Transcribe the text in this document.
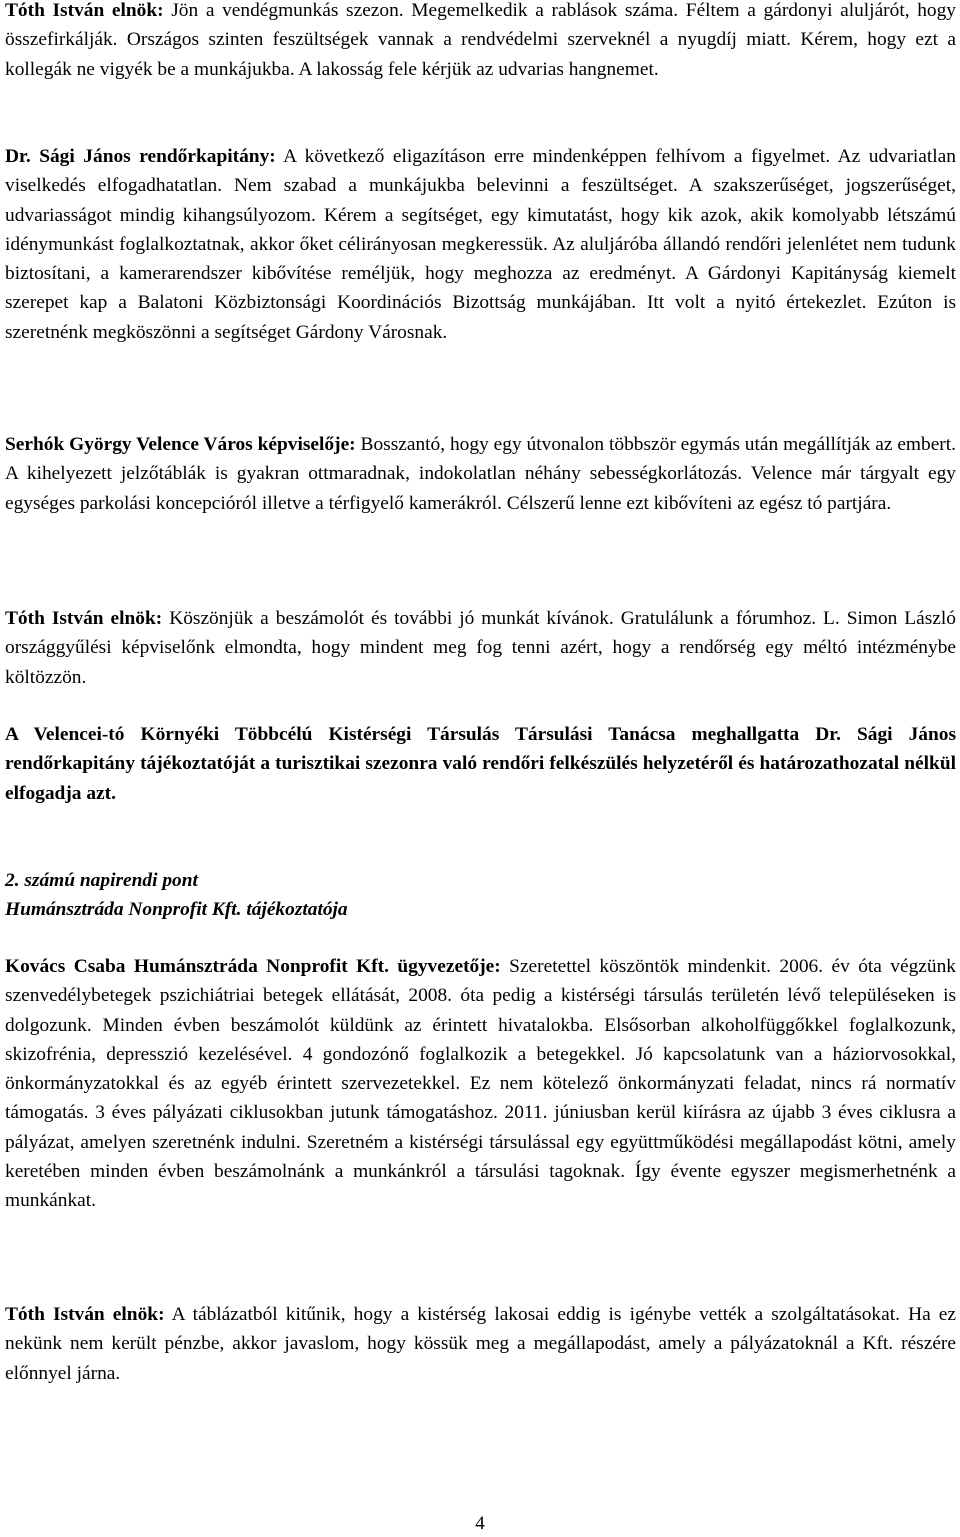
Tóth István elnök: Jön a vendégmunkás szezon. Megemelkedik a rablások száma. Féltem a gárdonyi aluljárót, hogy összefirkálják. Országos szinten feszültségek vannak a rendvédelmi szerveknél a nyugdíj miatt. Kérem, hogy ezt a kollegák ne vigyék be a munkájukba. A lakosság fele kérjük az udvarias hangnemet.

Dr. Sági János rendőrkapitány: A következő eligazításon erre mindenképpen felhívom a figyelmet. Az udvariatlan viselkedés elfogadhatatlan. Nem szabad a munkájukba belevinni a feszültséget. A szakszerűséget, jogszerűséget, udvariasságot mindig kihangsúlyozom. Kérem a segítséget, egy kimutatást, hogy kik azok, akik komolyabb létszámú idénymunkást foglalkoztatnak, akkor őket célirányosan megkeressük. Az aluljáróba állandó rendőri jelenlétet nem tudunk biztosítani, a kamerarendszer kibővítése reméljük, hogy meghozza az eredményt. A Gárdonyi Kapitányság kiemelt szerepet kap a Balatoni Közbiztonsági Koordinációs Bizottság munkájában. Itt volt a nyitó értekezlet. Ezúton is szeretnénk megköszönni a segítséget Gárdony Városnak.

Serhók György Velence Város képviselője: Bosszantó, hogy egy útvonalon többször egymás után megállítják az embert. A kihelyezett jelzőtáblák is gyakran ottmaradnak, indokolatlan néhány sebességkorlátozás. Velence már tárgyalt egy egységes parkolási koncepcióról illetve a térfigyelő kamerákról. Célszerű lenne ezt kibővíteni az egész tó partjára.

Tóth István elnök: Köszönjük a beszámolót és további jó munkát kívánok. Gratulálunk a fórumhoz. L. Simon László országgyűlési képviselőnk elmondta, hogy mindent meg fog tenni azért, hogy a rendőrség egy méltó intézménybe költözzön.

A Velencei-tó Környéki Többcélú Kistérségi Társulás Társulási Tanácsa meghallgatta Dr. Sági János rendőrkapitány tájékoztatóját a turisztikai szezonra való rendőri felkészülés helyzetéről és határozathozatal nélkül elfogadja azt.

2. számú napirendi pont
Humánsztráda Nonprofit Kft. tájékoztatója

Kovács Csaba Humánsztráda Nonprofit Kft. ügyvezetője: Szeretettel köszöntök mindenkit. 2006. év óta végzünk szenvedélybetegek pszichiátriai betegek ellátását, 2008. óta pedig a kistérségi társulás területén lévő településeken is dolgozunk. Minden évben beszámolót küldünk az érintett hivatalokba. Elsősorban alkoholfüggőkkel foglalkozunk, skizofrénia, depresszió kezelésével. 4 gondozónő foglalkozik a betegekkel. Jó kapcsolatunk van a háziorvosokkal, önkormányzatokkal és az egyéb érintett szervezetekkel. Ez nem kötelező önkormányzati feladat, nincs rá normatív támogatás. 3 éves pályázati ciklusokban jutunk támogatáshoz. 2011. júniusban kerül kiírásra az újabb 3 éves ciklusra a pályázat, amelyen szeretnénk indulni. Szeretném a kistérségi társulással egy együttműködési megállapodást kötni, amely keretében minden évben beszámolnánk a munkánkról a társulási tagoknak. Így évente egyszer megismerhetnénk a munkánkat.

Tóth István elnök: A táblázatból kitűnik, hogy a kistérség lakosai eddig is igénybe vették a szolgáltatásokat. Ha ez nekünk nem került pénzbe, akkor javaslom, hogy kössük meg a megállapodást, amely a pályázatoknál a Kft. részére előnnyel járna.

4
